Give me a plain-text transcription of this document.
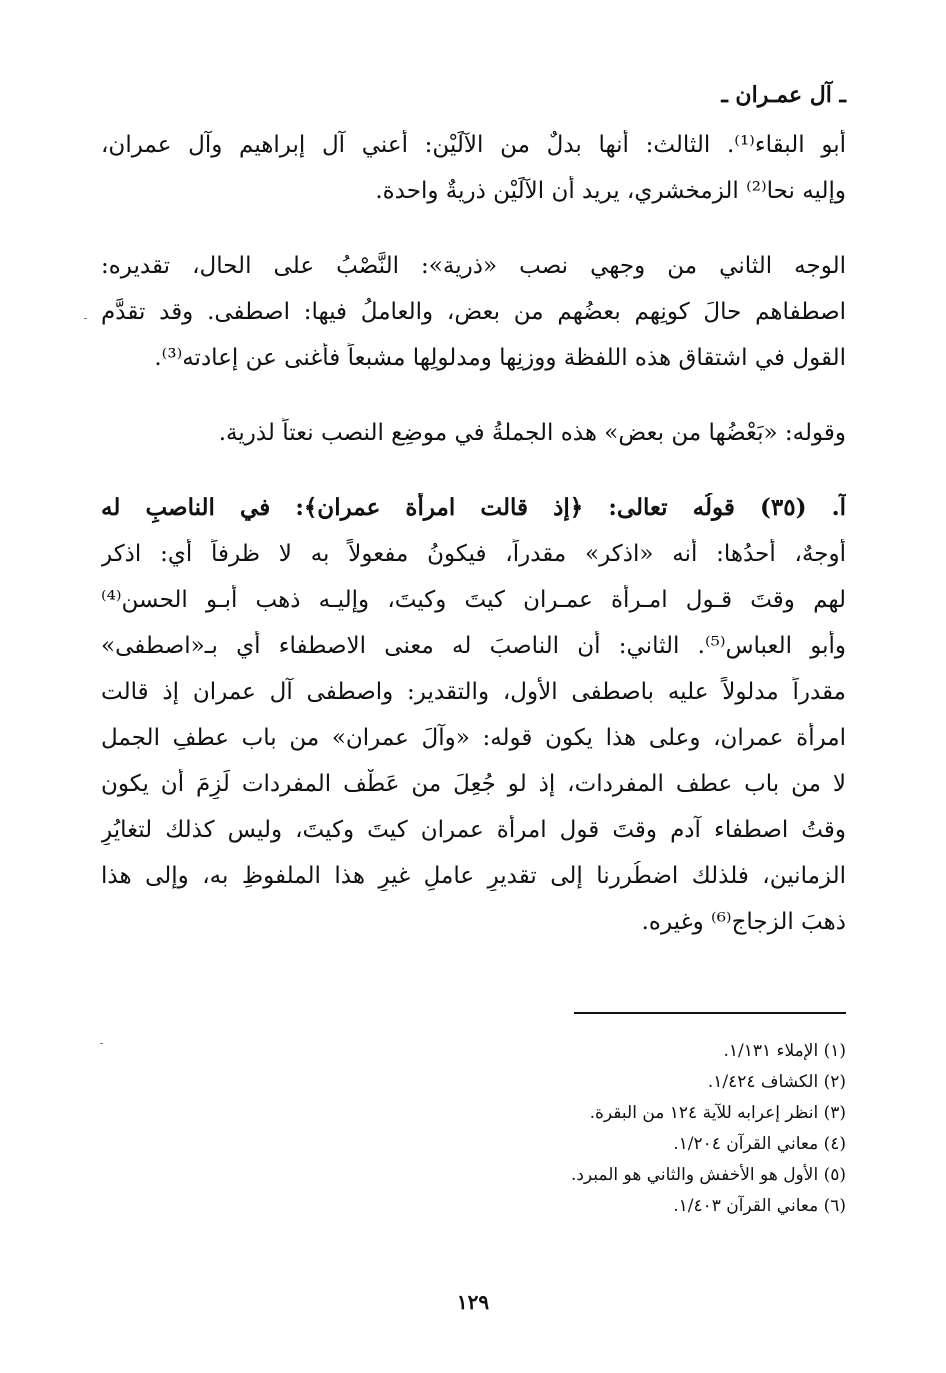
ـ آل عمـران ـ
أبو البقاء⁽¹⁾. الثالث: أنها بدلٌ من الآلَيْن: أعني آل إبراهيم وآل عمران،
وإليه نحا⁽²⁾ الزمخشري، يريد أن الآلَيْن ذريةٌ واحدة.
الوجه الثاني من وجهي نصب «ذرية»: النَّصْبُ على الحال، تقديره:
اصطفاهم حالَ كونِهم بعضُهم من بعض، والعاملُ فيها: اصطفى. وقد تقدَّم
القول في اشتقاق هذه اللفظة ووزنِها ومدلولِها مشبعاً فأغنى عن إعادته⁽³⁾.
وقوله: «بَعْضُها من بعض» هذه الجملةُ في موضِع النصب نعتاً لذرية.
آ. (٣٥) قولُه تعالى: ﴿إذ قالت امرأة عمران﴾: في الناصبِ له
أوجهٌ، أحدُها: أنه «اذكر» مقدراً، فيكونُ مفعولاً به لا ظرفاً أي: اذكر
لهم وقتَ قـول امـرأة عمـران كيتَ وكيتَ، وإليـه ذهب أبـو الحسن⁽⁴⁾
وأبو العباس⁽⁵⁾. الثاني: أن الناصبَ له معنى الاصطفاء أي بـ«اصطفى»
مقدراً مدلولاً عليه باصطفى الأول، والتقدير: واصطفى آل عمران إذ قالت
امرأة عمران، وعلى هذا يكون قوله: «وآلَ عمران» من باب عطفِ الجمل
لا من باب عطف المفردات، إذ لو جُعِلَ من عَطْف المفردات لَزِمَ أن يكون
وقتُ اصطفاء آدم وقتَ قول امرأة عمران كيتَ وكيتَ، وليس كذلك لتغايُرِ
الزمانين، فلذلك اضطُررنا إلى تقديرِ عاملٍ غيرِ هذا الملفوظِ به، وإلى هذا
ذهبَ الزجاج⁽⁶⁾ وغيره.
(١) الإملاء ١/١٣١.
(٢) الكشاف ١/٤٢٤.
(٣) انظر إعرابه للآية ١٢٤ من البقرة.
(٤) معاني القرآن ١/٢٠٤.
(٥) الأول هو الأخفش والثاني هو المبرد.
(٦) معاني القرآن ١/٤٠٣.
١٢٩
